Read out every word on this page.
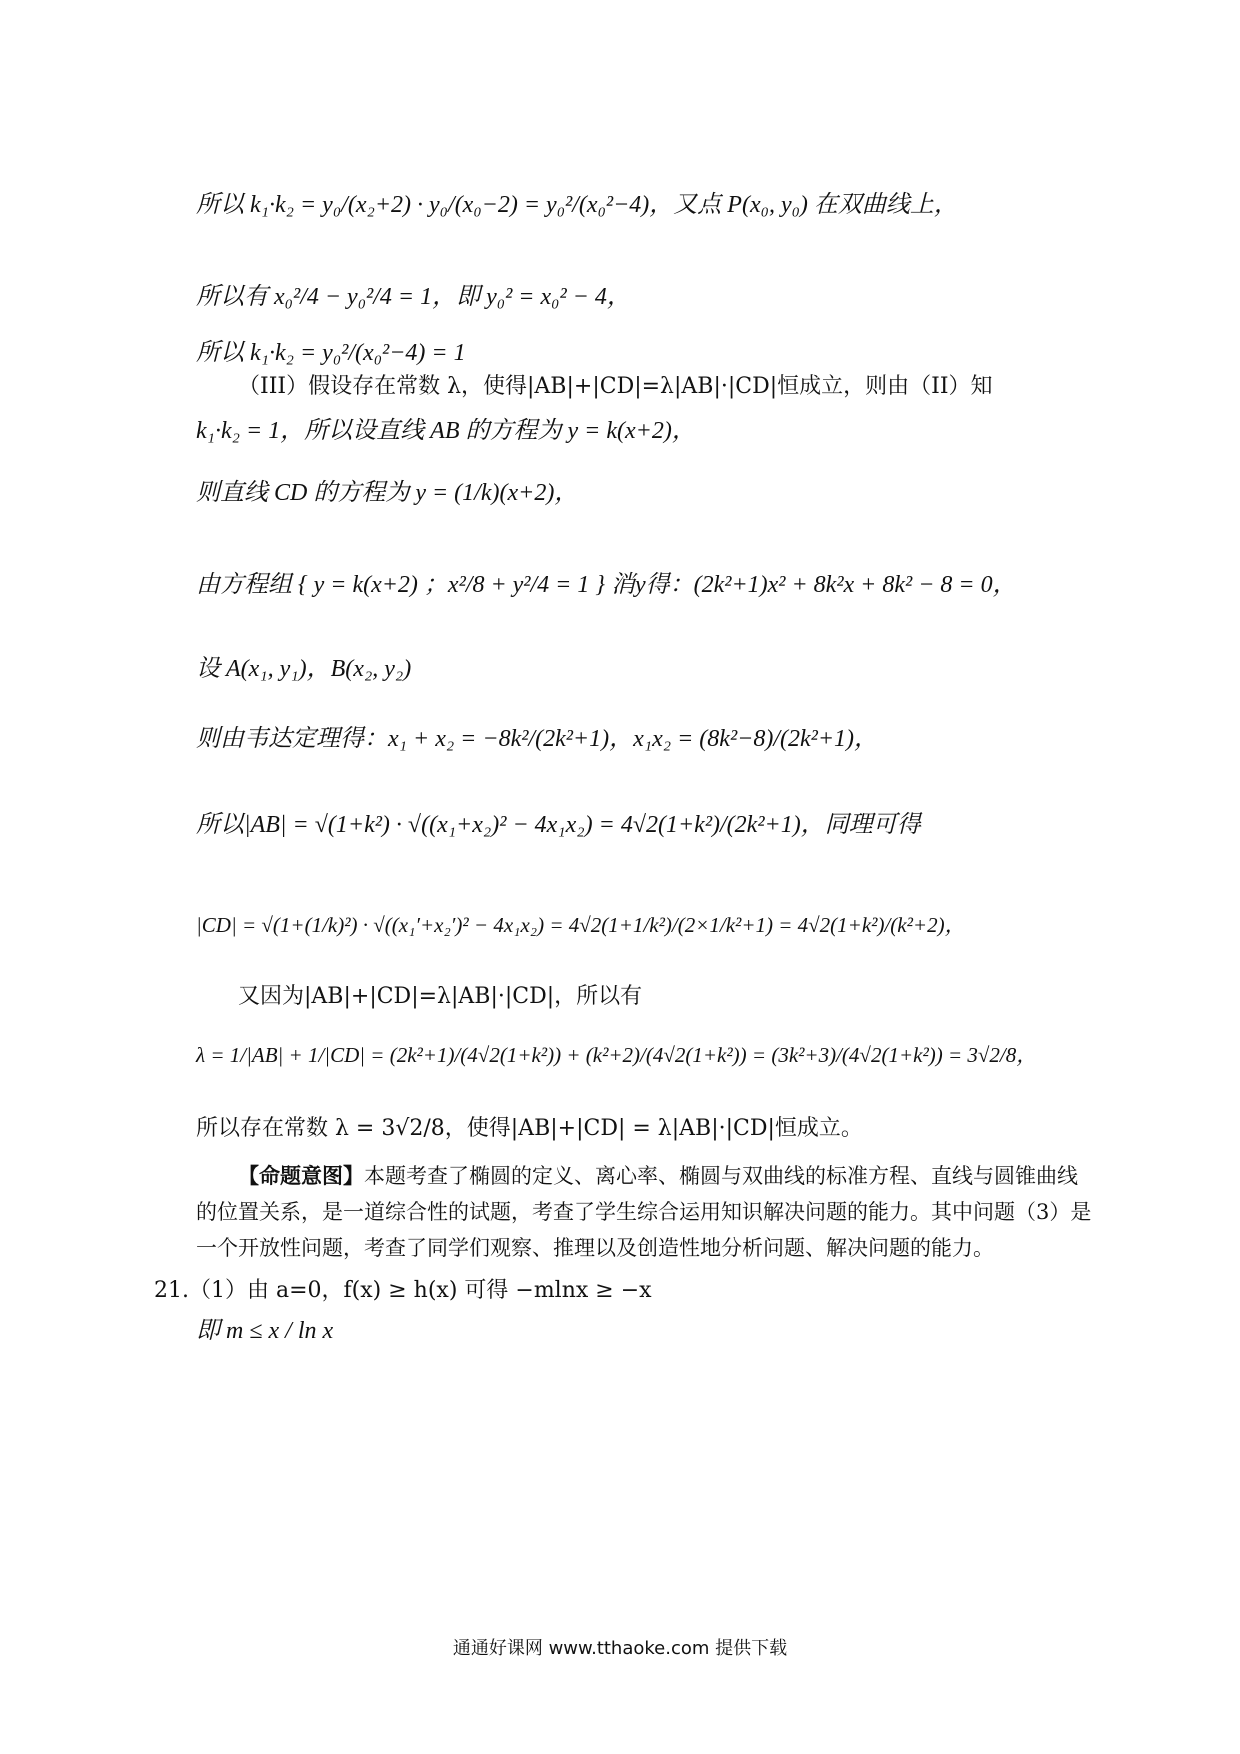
所以 k₁·k₂ = y₀/(x₂+2) · y₀/(x₀−2) = y₀²/(x₀²−4)，又点 P(x₀, y₀) 在双曲线上，
所以有 x₀²/4 − y₀²/4 = 1，即 y₀² = x₀² − 4，
所以 k₁·k₂ = y₀²/(x₀²−4) = 1
（III）假设存在常数 λ，使得|AB|+|CD|=λ|AB|·|CD|恒成立，则由（II）知
k₁·k₂ = 1，所以设直线 AB 的方程为 y = k(x+2)，
则直线 CD 的方程为 y = (1/k)(x+2)，
由方程组 { y = k(x+2) ；x²/8 + y²/4 = 1 } 消y得：(2k²+1)x² + 8k²x + 8k² − 8 = 0，
设 A(x₁, y₁)，B(x₂, y₂)
则由韦达定理得：x₁ + x₂ = −8k²/(2k²+1)，x₁x₂ = (8k²−8)/(2k²+1)，
所以|AB| = √(1+k²) · √((x₁+x₂)² − 4x₁x₂) = 4√2(1+k²)/(2k²+1)，同理可得
|CD| = √(1+(1/k)²) · √((x₁′+x₂′)² − 4x₁x₂) = 4√2(1+1/k²)/(2×1/k²+1) = 4√2(1+k²)/(k²+2)，
又因为|AB|+|CD|=λ|AB|·|CD|，所以有
λ = 1/|AB| + 1/|CD| = (2k²+1)/(4√2(1+k²)) + (k²+2)/(4√2(1+k²)) = (3k²+3)/(4√2(1+k²)) = 3√2/8，
所以存在常数 λ = 3√2/8，使得|AB|+|CD| = λ|AB|·|CD|恒成立。
【命题意图】本题考查了椭圆的定义、离心率、椭圆与双曲线的标准方程、直线与圆锥曲线的位置关系，是一道综合性的试题，考查了学生综合运用知识解决问题的能力。其中问题（3）是一个开放性问题，考查了同学们观察、推理以及创造性地分析问题、解决问题的能力。
21.（1）由 a=0，f(x) ≥ h(x) 可得 −mlnx ≥ −x
即 m ≤ x / ln x
通通好课网 www.tthaoke.com 提供下载
